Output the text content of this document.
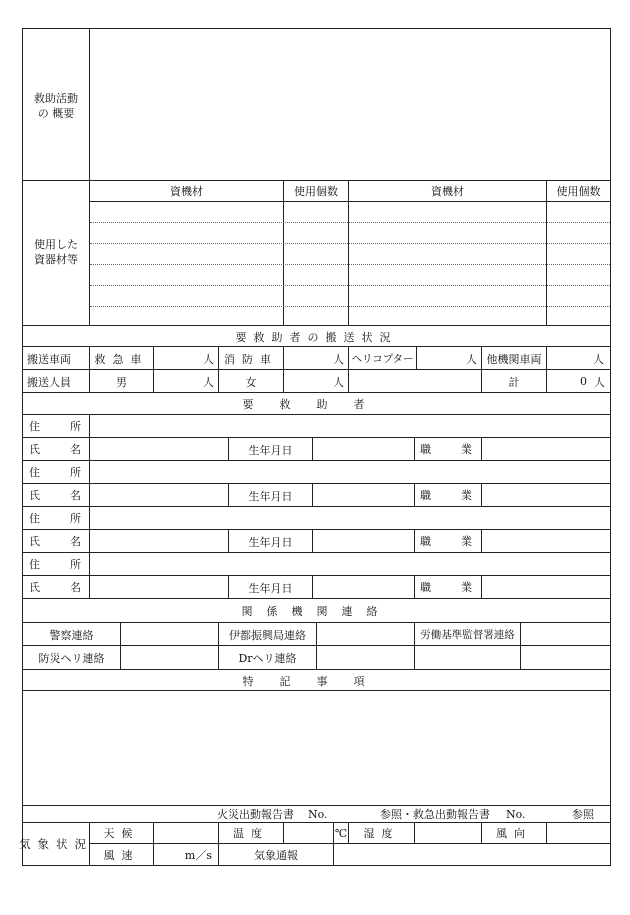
救助活動
の 概要
使用した
資器材等
資機材	使用個数	資機材	使用個数
要救助者の搬送状況
搬送車両	救急車	人 消防車	人 ヘリコプター	人 他機関車両	人
搬送人員	男	人	女	人	計	0 人
要救助者
住	所
氏	名	生年月日	職	業
住	所
氏	名	生年月日	職	業
住	所
氏	名	生年月日	職	業
住	所
氏	名	生年月日	職	業
関係機関連絡
警察連絡	伊都振興局連絡	労働基準監督署連絡
防災ヘリ連絡	Drヘリ連絡
特記事項
火災出動報告書 No.	参照・救急出動報告書 No.	参照
気象状況
天候	温度	℃	湿度	風向
風速	m／s	気象通報
